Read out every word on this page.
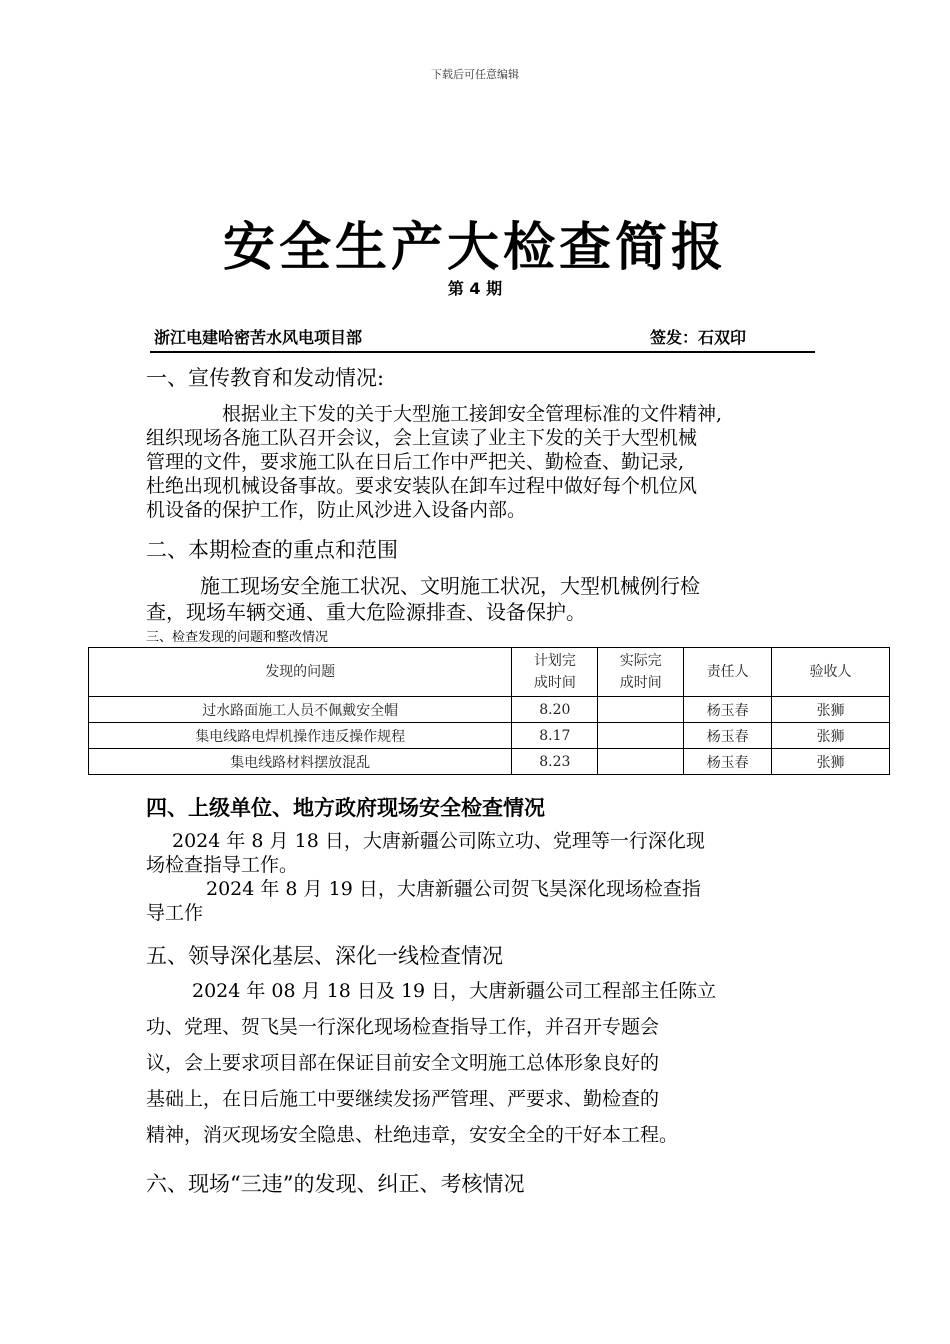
下载后可任意编辑
安全生产大检查简报
第 4 期
浙江电建哈密苦水风电项目部	签发：石双印
一、宣传教育和发动情况:
根据业主下发的关于大型施工接卸安全管理标准的文件精神,
组织现场各施工队召开会议，会上宣读了业主下发的关于大型机械
管理的文件，要求施工队在日后工作中严把关、勤检查、勤记录,
杜绝出现机械设备事故。要求安装队在卸车过程中做好每个机位风
机设备的保护工作，防止风沙进入设备内部。
二、本期检查的重点和范围
施工现场安全施工状况、文明施工状况，大型机械例行检
查，现场车辆交通、重大危险源排查、设备保护。
三、检查发现的问题和整改情况
发现的问题	计划完成时间	实际完成时间	责任人	验收人
过水路面施工人员不佩戴安全帽	8.20		杨玉春	张狮
集电线路电焊机操作违反操作规程	8.17		杨玉春	张狮
集电线路材料摆放混乱	8.23		杨玉春	张狮
四、上级单位、地方政府现场安全检查情况
2024 年 8 月 18 日，大唐新疆公司陈立功、党理等一行深化现
场检查指导工作。
2024 年 8 月 19 日，大唐新疆公司贺飞昊深化现场检查指
导工作
五、领导深化基层、深化一线检查情况
2024 年 08 月 18 日及 19 日，大唐新疆公司工程部主任陈立
功、党理、贺飞昊一行深化现场检查指导工作，并召开专题会
议，会上要求项目部在保证目前安全文明施工总体形象良好的
基础上，在日后施工中要继续发扬严管理、严要求、勤检查的
精神，消灭现场安全隐患、杜绝违章，安安全全的干好本工程。
六、现场“三违”的发现、纠正、考核情况
